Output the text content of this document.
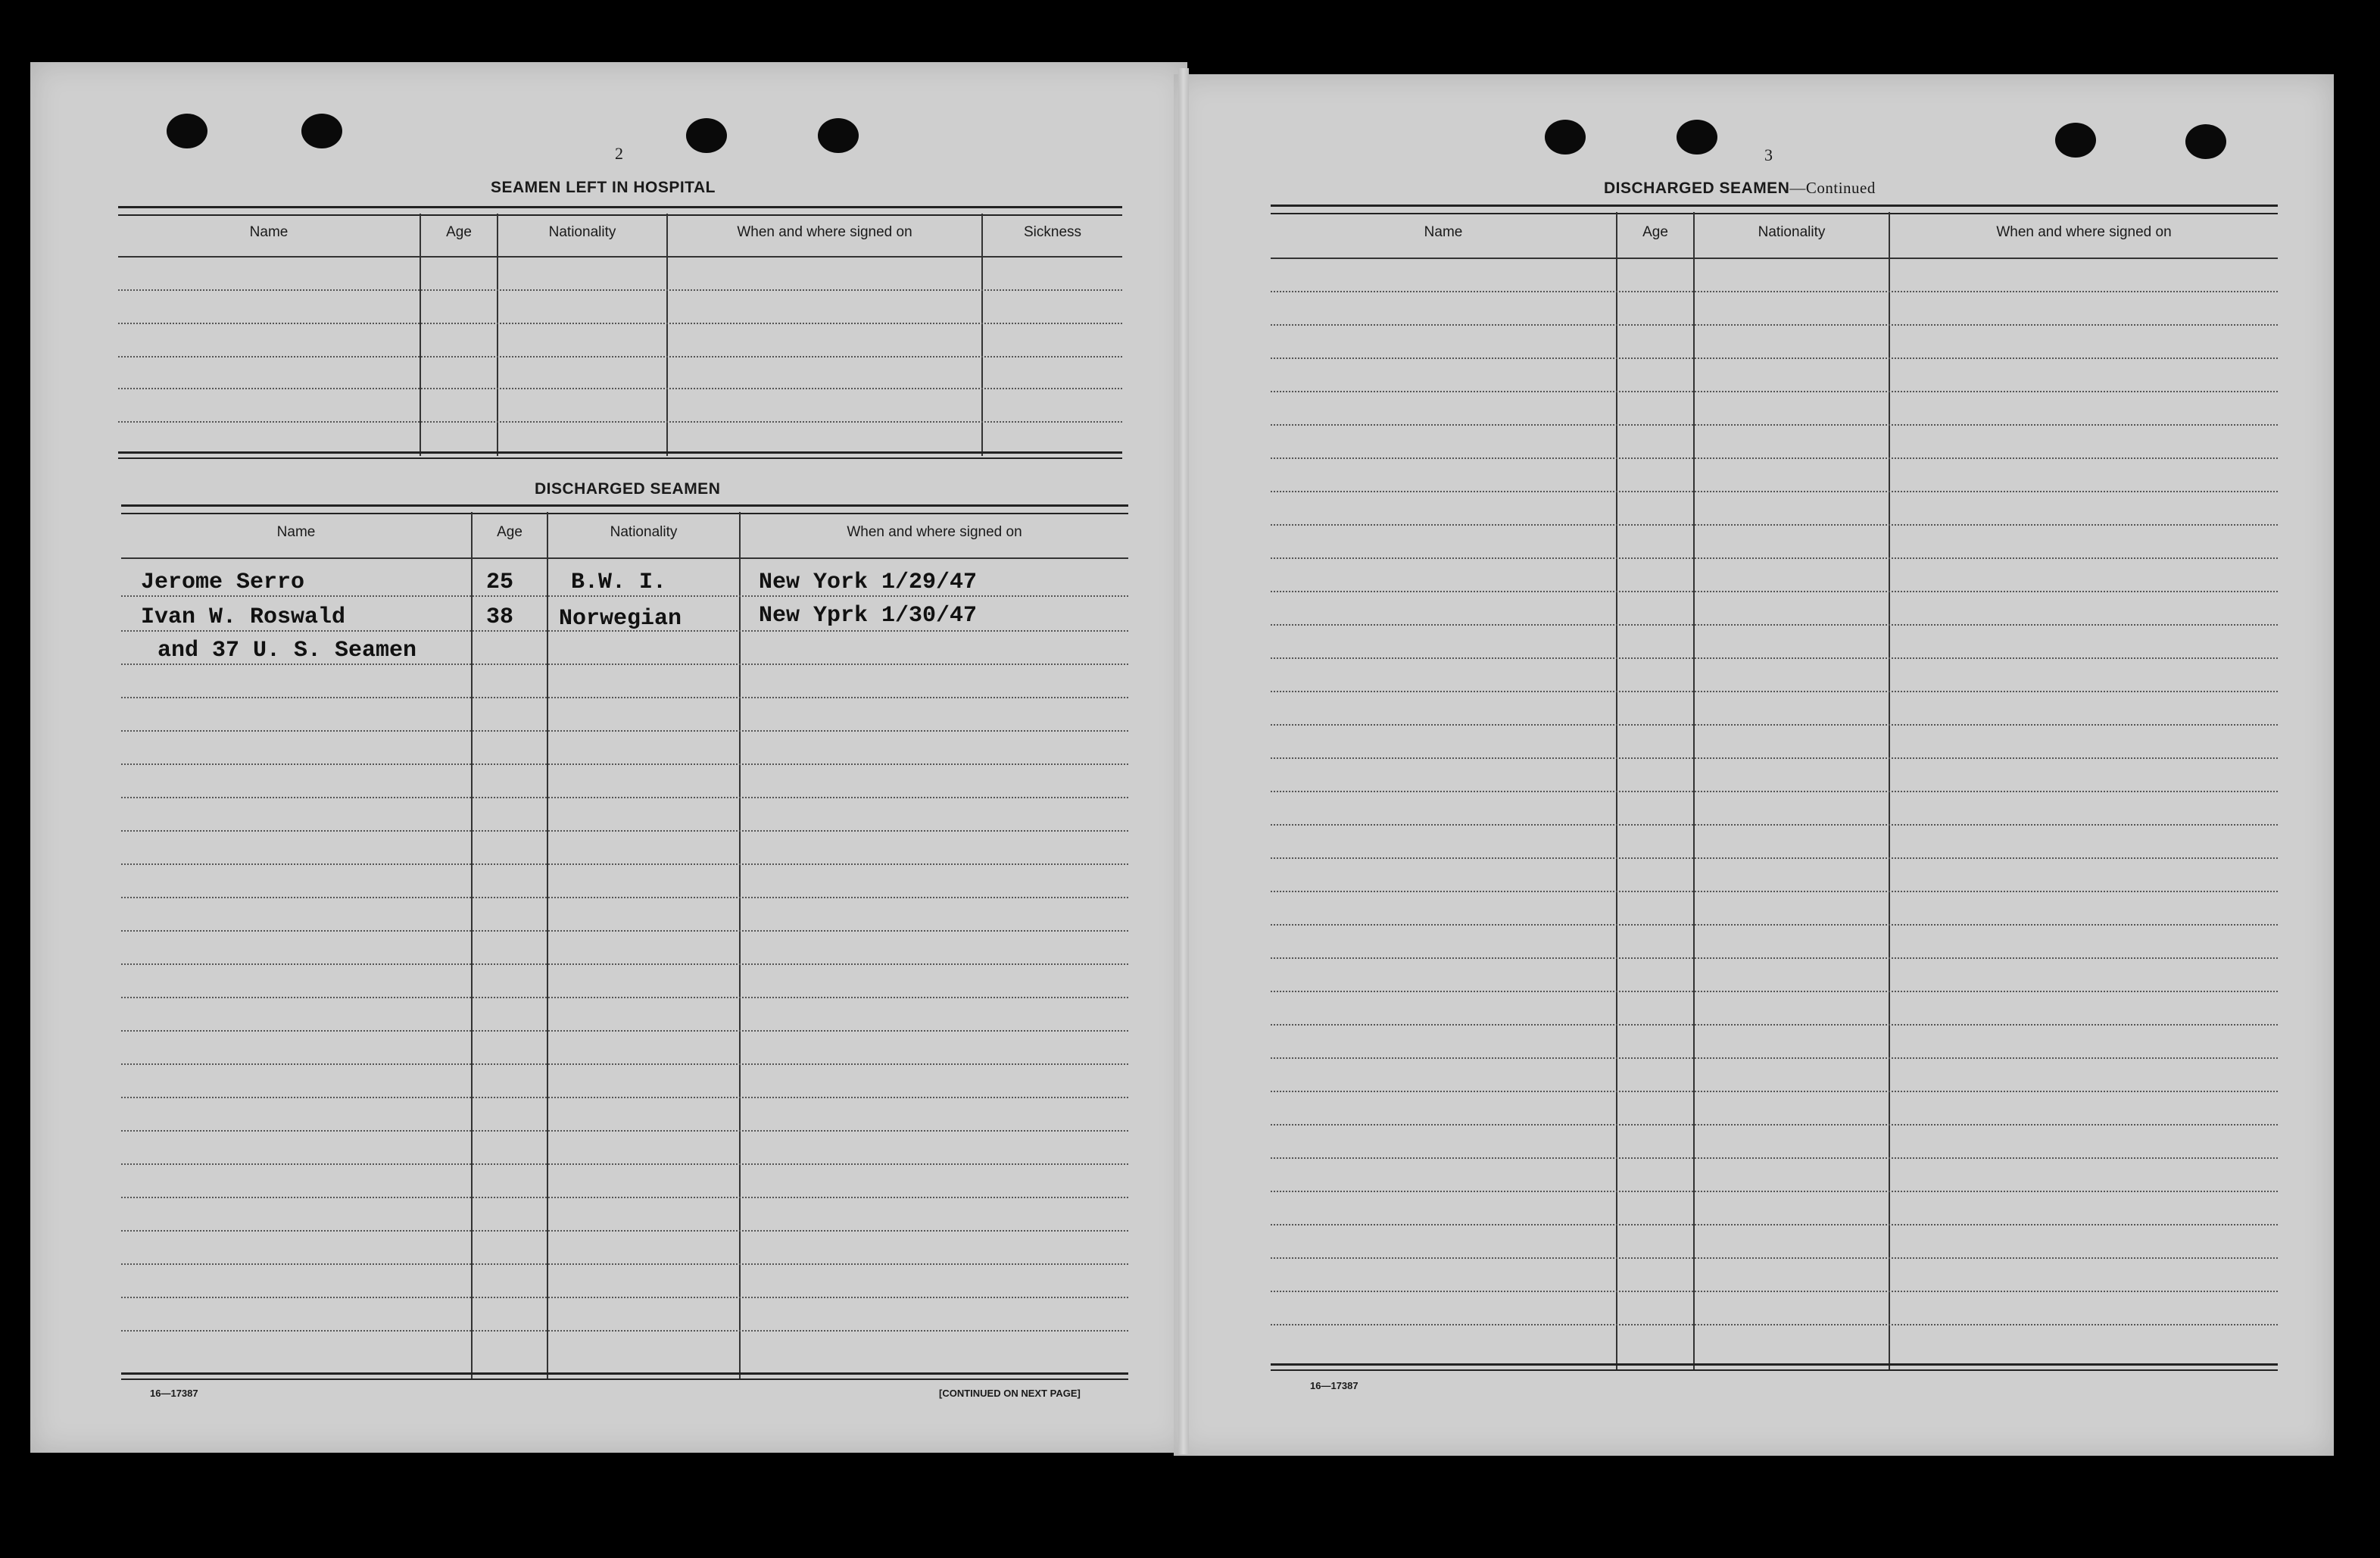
2
SEAMEN LEFT IN HOSPITAL
Name	Age	Nationality	When and where signed on	Sickness
DISCHARGED SEAMEN
Name	Age	Nationality	When and where signed on
Jerome Serro	25	B.W. I.	New York 1/29/47
Ivan W. Roswald	38 Norwegian	New Yprk 1/30/47
and 37 U. S. Seamen
16—17387	[CONTINUED ON NEXT PAGE]
3
DISCHARGED SEAMEN—Continued
Name	Age	Nationality	When and where signed on
16—17387
